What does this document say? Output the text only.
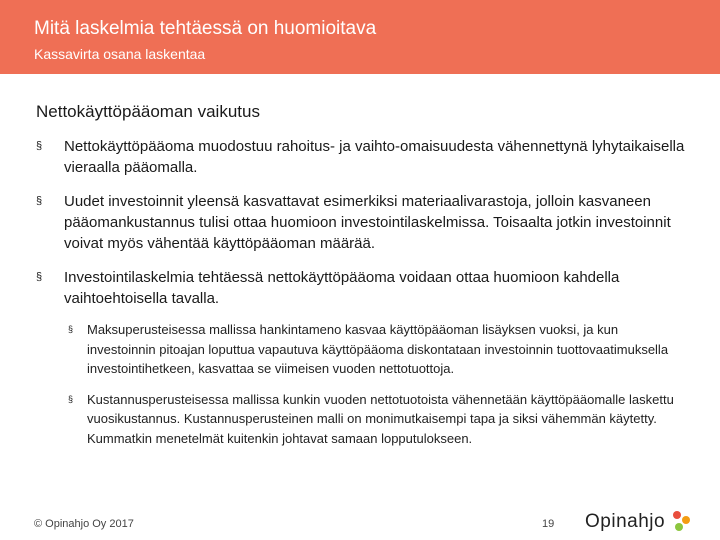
Mitä laskelmia tehtäessä on huomioitava
Kassavirta osana laskentaa
Nettokäyttöpääoman vaikutus
§ Nettokäyttöpääoma muodostuu rahoitus- ja vaihto-omaisuudesta vähennettynä lyhytaikaisella vieraalla pääomalla.
§ Uudet investoinnit yleensä kasvattavat esimerkiksi materiaalivarastoja, jolloin kasvaneen pääomankustannus tulisi ottaa huomioon investointilaskelmissa. Toisaalta jotkin investoinnit voivat myös vähentää käyttöpääoman määrää.
§ Investointilaskelmia tehtäessä nettokäyttöpääoma voidaan ottaa huomioon kahdella vaihtoehtoisella tavalla.
§ Maksuperusteisessa mallissa hankintameno kasvaa käyttöpääoman lisäyksen vuoksi, ja kun investoinnin pitoajan loputtua vapautuva käyttöpääoma diskontataan investoinnin tuottovaatimuksella investointihetkeen, kasvattaa se viimeisen vuoden nettotuottoja.
§ Kustannusperusteisessa mallissa kunkin vuoden nettotuotoista vähennetään käyttöpääomalle laskettu vuosikustannus. Kustannusperusteinen malli on monimutkaisempi tapa ja siksi vähemmän käytetty. Kummatkin menetelmät kuitenkin johtavat samaan lopputulokseen.
© Opinahjo Oy 2017	19 Opinahjo
